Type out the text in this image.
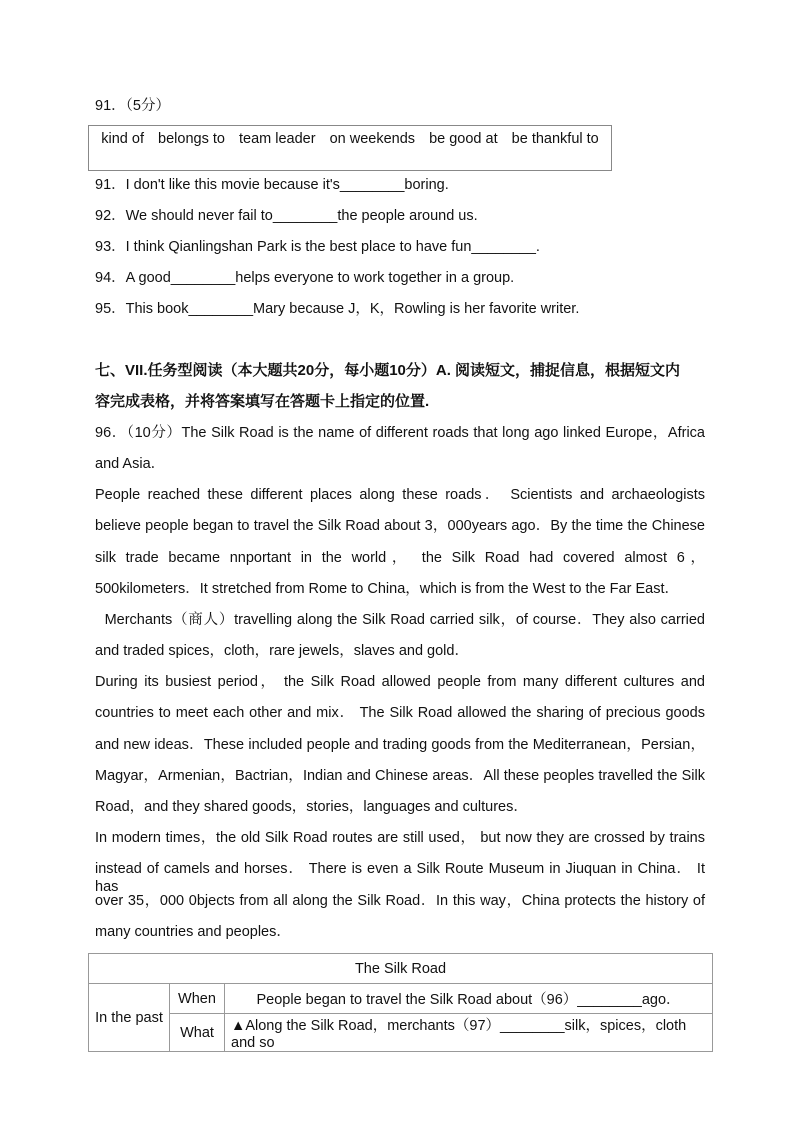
91．（5分）
kind of belongs to team leader on weekends be good at be thankful to
91．I don't like this movie because it's________boring.
92．We should never fail to________the people around us.
93．I think Qianlingshan Park is the best place to have fun________.
94．A good________helps everyone to work together in a group.
95．This book________Mary because J，K，Rowling is her favorite writer.
七、VII.任务型阅读（本大题共20分，每小题10分）A. 阅读短文，捕捉信息，根据短文内
容完成表格，并将答案填写在答题卡上指定的位置.
96．（10分）The Silk Road is the name of different roads that long ago linked Europe，Africa
and Asia．
People reached these different places along these roads． Scientists and archaeologists
believe people began to travel the Silk Road about 3，000years ago．By the time the Chinese
silk trade became nnportant in the world， the Silk Road had covered almost 6，
500kilometers．It stretched from Rome to China，which is from the West to the Far East．
Merchants（商人）travelling along the Silk Road carried silk，of course．They also carried
and traded spices，cloth，rare jewels，slaves and gold．
During its busiest period， the Silk Road allowed people from many different cultures and
countries to meet each other and mix． The Silk Road allowed the sharing of precious goods
and new ideas．These included people and trading goods from the Mediterranean，Persian，
Magyar，Armenian，Bactrian，Indian and Chinese areas．All these peoples travelled the Silk
Road，and they shared goods，stories，languages and cultures．
In modern times，the old Silk Road routes are still used， but now they are crossed by trains
instead of camels and horses． There is even a Silk Route Museum in Jiuquan in China． It has
over 35，000 0bjects from all along the Silk Road．In this way，China protects the history of
many countries and peoples．
The Silk Road		
In the past	When	People began to travel the Silk Road about（96）________ago．
	What	▲Along the Silk Road，merchants（97）________silk，spices，cloth and so
